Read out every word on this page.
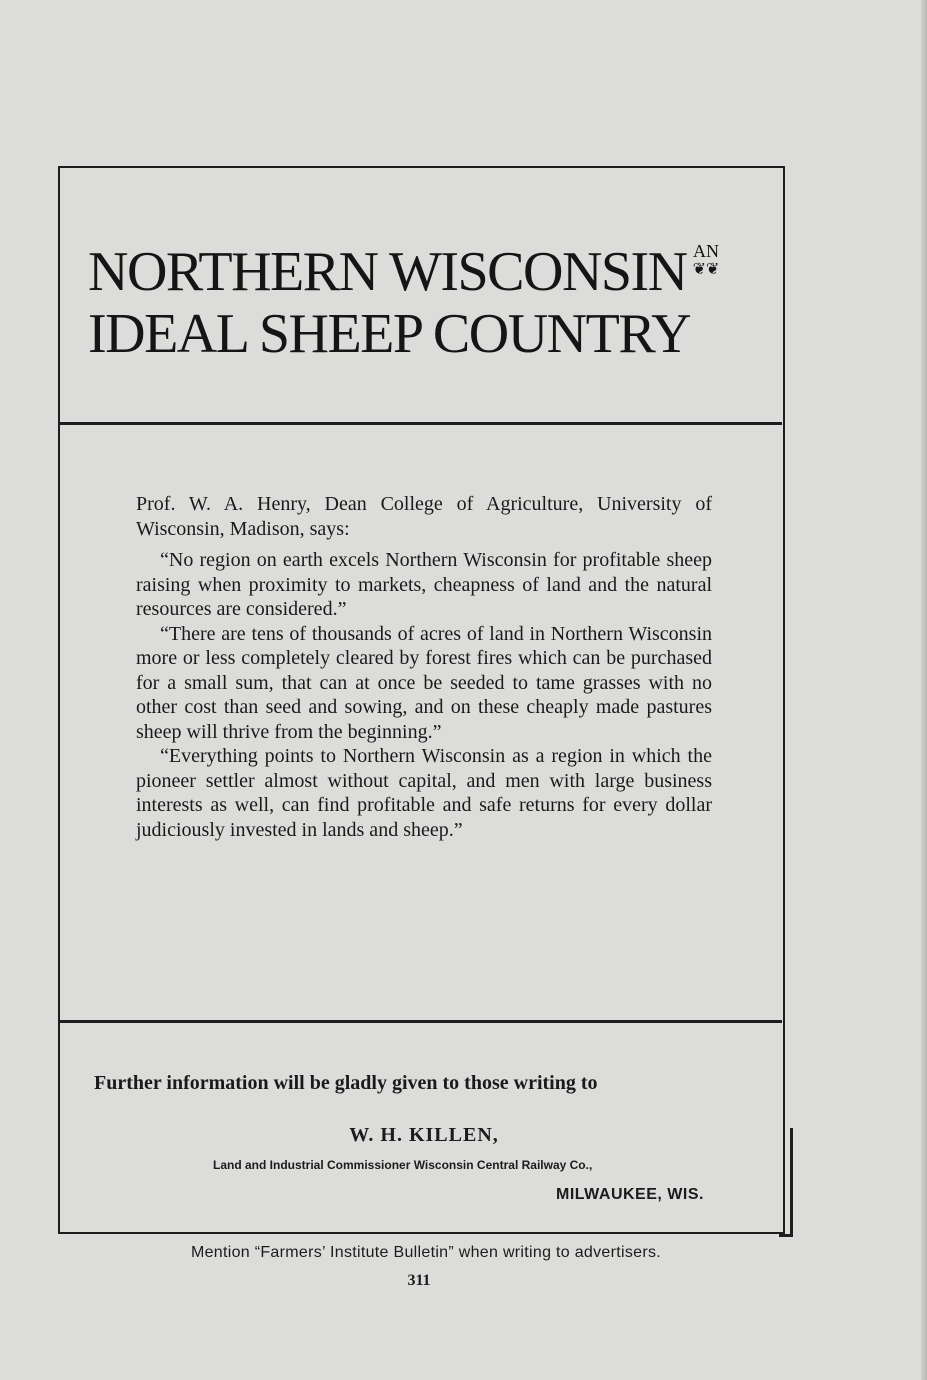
NORTHERN WISCONSIN AN
❦❦
IDEAL SHEEP COUNTRY

Prof. W. A. Henry, Dean College of Agriculture, University of Wisconsin, Madison, says:

“No region on earth excels Northern Wisconsin for profitable sheep raising when proximity to markets, cheapness of land and the natural resources are considered.”

“There are tens of thousands of acres of land in Northern Wisconsin more or less completely cleared by forest fires which can be purchased for a small sum, that can at once be seeded to tame grasses with no other cost than seed and sowing, and on these cheaply made pastures sheep will thrive from the beginning.”

“Everything points to Northern Wisconsin as a region in which the pioneer settler almost without capital, and men with large business interests as well, can find profitable and safe returns for every dollar judiciously invested in lands and sheep.”

Further information will be gladly given to those writing to
W. H. KILLEN,
Land and Industrial Commissioner Wisconsin Central Railway Co.,
MILWAUKEE, WIS.
Mention “Farmers’ Institute Bulletin” when writing to advertisers.
311
